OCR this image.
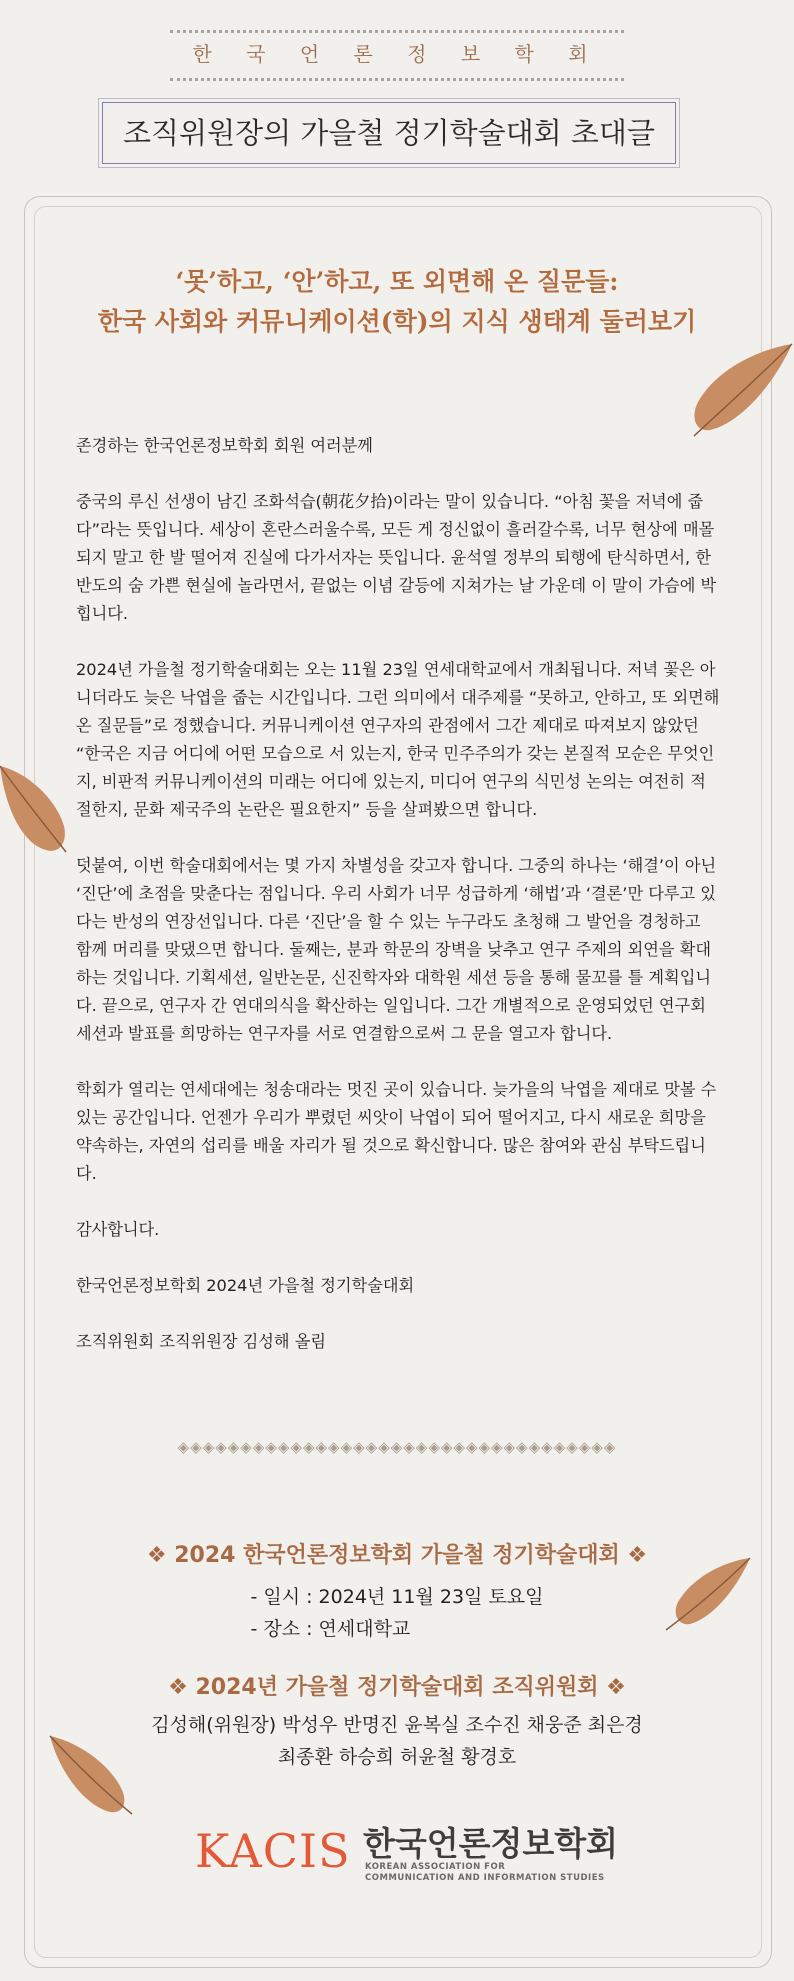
한 국 언 론 정 보 학 회
조직위원장의 가을철 정기학술대회 초대글
‘못’하고, ‘안’하고, 또 외면해 온 질문들:
한국 사회와 커뮤니케이션(학)의 지식 생태계 둘러보기

존경하는 한국언론정보학회 회원 여러분께

중국의 루신 선생이 남긴 조화석습(朝花夕拾)이라는 말이 있습니다. “아침 꽃을 저녁에 줍다”라는 뜻입니다. 세상이 혼란스러울수록, 모든 게 정신없이 흘러갈수록, 너무 현상에 매몰되지 말고 한 발 떨어져 진실에 다가서자는 뜻입니다. 윤석열 정부의 퇴행에 탄식하면서, 한반도의 숨 가쁜 현실에 놀라면서, 끝없는 이념 갈등에 지쳐가는 날 가운데 이 말이 가슴에 박힙니다.

2024년 가을철 정기학술대회는 오는 11월 23일 연세대학교에서 개최됩니다. 저녁 꽃은 아니더라도 늦은 낙엽을 줍는 시간입니다. 그런 의미에서 대주제를 “못하고, 안하고, 또 외면해 온 질문들”로 정했습니다. 커뮤니케이션 연구자의 관점에서 그간 제대로 따져보지 않았던 “한국은 지금 어디에 어떤 모습으로 서 있는지, 한국 민주주의가 갖는 본질적 모순은 무엇인지, 비판적 커뮤니케이션의 미래는 어디에 있는지, 미디어 연구의 식민성 논의는 여전히 적절한지, 문화 제국주의 논란은 필요한지” 등을 살펴봤으면 합니다.

덧붙여, 이번 학술대회에서는 몇 가지 차별성을 갖고자 합니다. 그중의 하나는 ‘해결’이 아닌 ‘진단’에 초점을 맞춘다는 점입니다. 우리 사회가 너무 성급하게 ‘해법’과 ‘결론’만 다루고 있다는 반성의 연장선입니다. 다른 ‘진단’을 할 수 있는 누구라도 초청해 그 발언을 경청하고 함께 머리를 맞댔으면 합니다. 둘째는, 분과 학문의 장벽을 낮추고 연구 주제의 외연을 확대하는 것입니다. 기획세션, 일반논문, 신진학자와 대학원 세션 등을 통해 물꼬를 틀 계획입니다. 끝으로, 연구자 간 연대의식을 확산하는 일입니다. 그간 개별적으로 운영되었던 연구회 세션과 발표를 희망하는 연구자를 서로 연결함으로써 그 문을 열고자 합니다.

학회가 열리는 연세대에는 청송대라는 멋진 곳이 있습니다. 늦가을의 낙엽을 제대로 맛볼 수 있는 공간입니다. 언젠가 우리가 뿌렸던 씨앗이 낙엽이 되어 떨어지고, 다시 새로운 희망을 약속하는, 자연의 섭리를 배울 자리가 될 것으로 확신합니다. 많은 참여와 관심 부탁드립니다.

감사합니다.

한국언론정보학회 2024년 가을철 정기학술대회

조직위원회 조직위원장 김성해 올림

◈◈◈◈◈◈◈◈◈◈◈◈◈◈◈◈◈◈◈◈◈◈◈◈◈◈◈◈◈◈◈◈◈◈◈
❖ 2024 한국언론정보학회 가을철 정기학술대회 ❖
- 일시 : 2024년 11월 23일 토요일
- 장소 : 연세대학교
❖ 2024년 가을철 정기학술대회 조직위원회 ❖
김성해(위원장) 박성우 반명진 윤복실 조수진 채웅준 최은경
최종환 하승희 허윤철 황경호
KACIS 한국언론정보학회
KOREAN ASSOCIATION FOR
COMMUNICATION AND INFORMATION STUDIES
